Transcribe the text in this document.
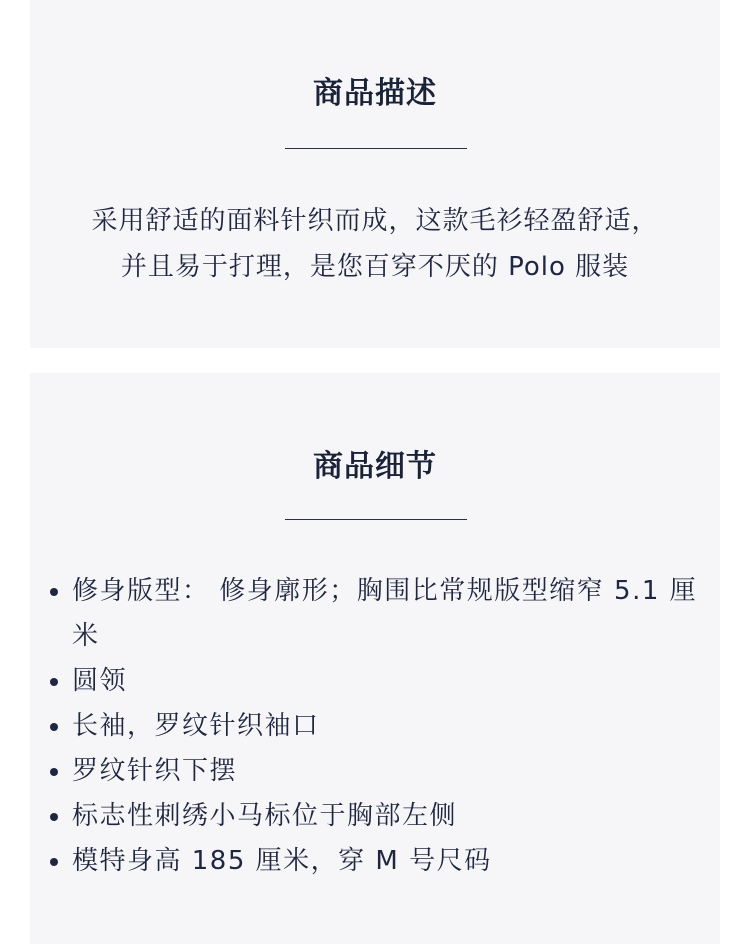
商品描述

采用舒适的面料针织而成，这款毛衫轻盈舒适，
并且易于打理，是您百穿不厌的 Polo 服装

商品细节
修身版型： 修身廓形；胸围比常规版型缩窄 5.1 厘米
圆领
长袖，罗纹针织袖口
罗纹针织下摆
标志性刺绣小马标位于胸部左侧
模特身高 185 厘米，穿 M 号尺码
